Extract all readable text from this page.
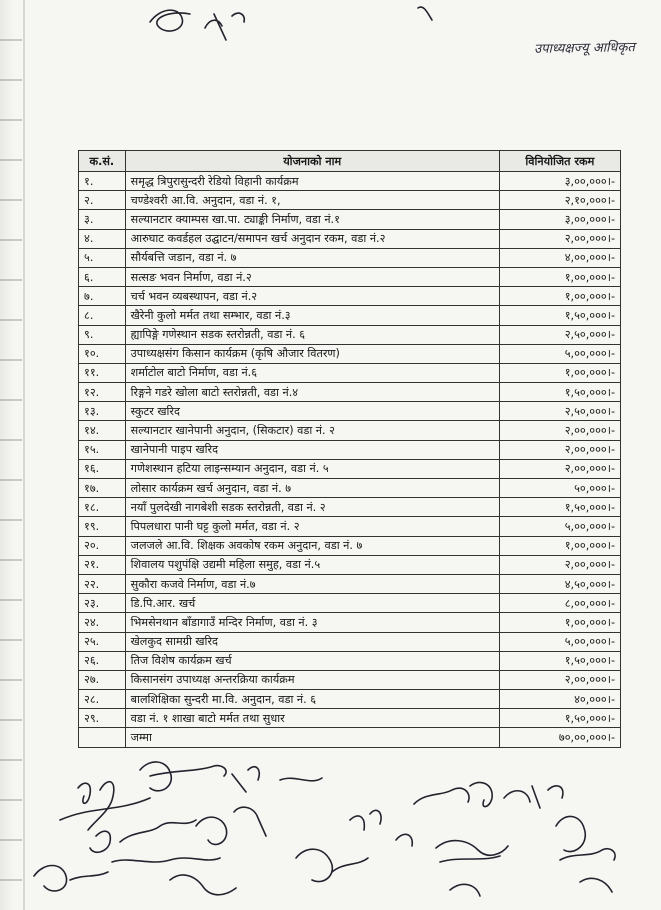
उपाध्यक्षज्यू आधिकृत
क.सं.	योजनाको नाम	विनियोजित रकम
१.	समृद्ध त्रिपुरासुन्दरी रेडियो विहानी कार्यक्रम	३,००,०००।-
२.	चण्डेश्वरी आ.वि. अनुदान, वडा नं. १,	२,१०,०००।-
३.	सल्यानटार क्याम्पस खा.पा. ट्याङ्की निर्माण, वडा नं.१	३,००,०००।-
४.	आरुघाट कवर्डहल उद्घाटन/समापन खर्च अनुदान रकम, वडा नं.२	२,००,०००।-
५.	सौर्यबत्ति जडान, वडा नं. ७	४,००,०००।-
६.	सत्सङ भवन निर्माण, वडा नं.२	१,००,०००।-
७.	चर्च भवन व्यबस्थापन, वडा नं.२	१,००,०००।-
८.	खैरेनी कुलो मर्मत तथा सम्भार, वडा नं.३	१,५०,०००।-
९.	ह्यापिङ्गे गणेस्थान सडक स्तरोन्नती, वडा नं. ६	२,५०,०००।-
१०.	उपाध्यक्षसंग किसान कार्यक्रम (कृषि औजार वितरण)	५,००,०००।-
११.	शर्माटोल बाटो निर्माण, वडा नं.६	१,००,०००।-
१२.	रिङ्गने गडरे खोला बाटो स्तरोन्नती, वडा नं.४	१,५०,०००।-
१३.	स्कुटर खरिद	२,५०,०००।-
१४.	सल्यानटार खानेपानी अनुदान, (सिकटार) वडा नं. २	२,००,०००।-
१५.	खानेपानी पाइप खरिद	२,००,०००।-
१६.	गणेशस्थान हटिया लाइन्सम्यान अनुदान, वडा नं. ५	२,००,०००।-
१७.	लोसार कार्यक्रम खर्च अनुदान, वडा नं. ७	५०,०००।-
१८.	नयाँ पुलदेखी नागबेशी सडक स्तरोन्नती, वडा नं. २	१,५०,०००।-
१९.	पिपलधारा पानी घट्ट कुलो मर्मत, वडा नं. २	५,००,०००।-
२०.	जलजले आ.वि. शिक्षक अवकोष रकम अनुदान, वडा नं. ७	१,००,०००।-
२१.	शिवालय पशुपंक्षि उद्यमी महिला समुह, वडा नं.५	२,००,०००।-
२२.	सुकौरा कजवे निर्माण, वडा नं.७	४,५०,०००।-
२३.	डि.पि.आर. खर्च	८,००,०००।-
२४.	भिमसेनथान बाँडागाउँ मन्दिर निर्माण, वडा नं. ३	१,००,०००।-
२५.	खेलकुद सामग्री खरिद	५,००,०००।-
२६.	तिज विशेष कार्यक्रम खर्च	१,५०,०००।-
२७.	किसानसंग उपाध्यक्ष अन्तरक्रिया कार्यक्रम	२,००,०००।-
२८.	बालशिक्षिका सुन्दरी मा.वि. अनुदान, वडा नं. ६	४०,०००।-
२९.	वडा नं. १ शाखा बाटो मर्मत तथा सुधार	१,५०,०००।-
	जम्मा	७०,००,०००।-
